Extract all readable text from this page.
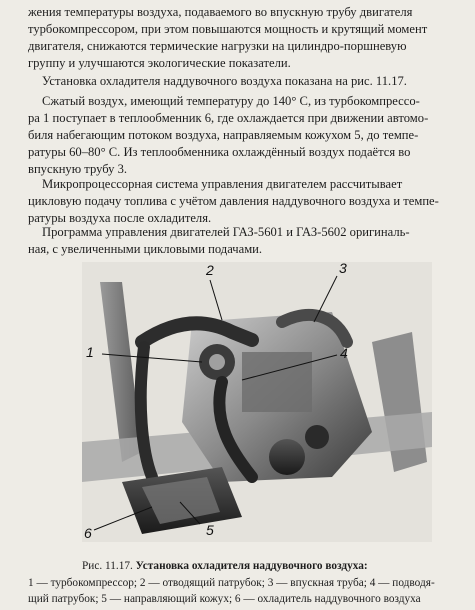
жения температуры воздуха, подаваемого во впускную трубу двигателя
турбокомпрессором, при этом повышаются мощность и крутящий момент
двигателя, снижаются термические нагрузки на цилиндро-поршневую
группу и улучшаются экологические показатели.

Установка охладителя наддувочного воздуха показана на рис. 11.17.

Сжатый воздух, имеющий температуру до 140° С, из турбокомпрессо-
ра 1 поступает в теплообменник 6, где охлаждается при движении автомо-
биля набегающим потоком воздуха, направляемым кожухом 5, до темпе-
ратуры 60–80° С. Из теплообменника охлаждённый воздух подаётся во
впускную трубу 3.

Микропроцессорная система управления двигателем рассчитывает
цикловую подачу топлива с учётом давления наддувочного воздуха и темпе-
ратуры воздуха после охладителя.

Программа управления двигателей ГАЗ-5601 и ГАЗ-5602 оригиналь-
ная, с увеличенными цикловыми подачами.

2	3
1	4
5
6
Рис. 11.17. Установка охладителя наддувочного воздуха:

1 — турбокомпрессор; 2 — отводящий патрубок; 3 — впускная труба; 4 — подводя-
щий патрубок; 5 — направляющий кожух; 6 — охладитель наддувочного воздуха
